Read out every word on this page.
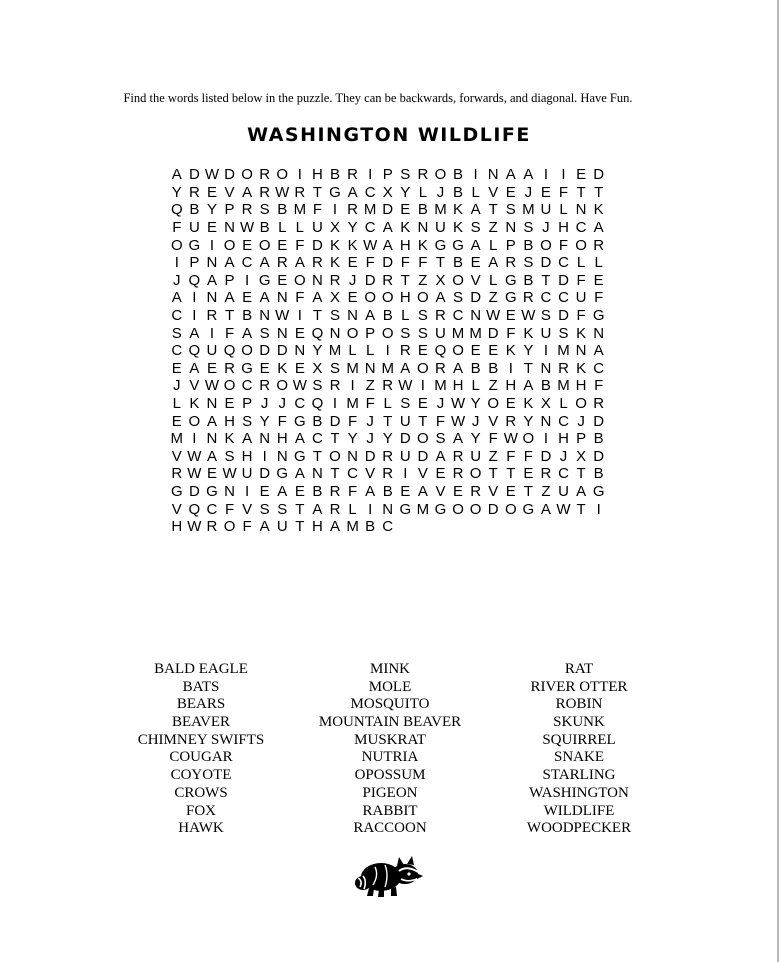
Find the words listed below in the puzzle. They can be backwards, forwards, and diagonal. Have Fun.
WASHINGTON WILDLIFE
A D W D O R O I H B R I P S R O B I N A A I I E D
Y R E V A R W R T G A C X Y L J B L V E J E F T T
Q B Y P R S B M F I R M D E B M K A T S M U L N K
F U E N W B L L U X Y C A K N U K S Z N S J H C A
O G I O E O E F D K K W A H K G G A L P B O F O R
I P N A C A R A R K E F D F F T B E A R S D C L L
J Q A P I G E O N R J D R T Z X O V L G B T D F E
A I N A E A N F A X E O O H O A S D Z G R C C U F
C I R T B N W I T S N A B L S R C N W E W S D F G
S A I F A S N E Q N O P O S S U M M D F K U S K N
C Q U Q O D D N Y M L L I R E Q O E E K Y I M N A
E A E R G E K E X S M N M A O R A B B I T N R K C
J V W O C R O W S R I Z R W I M H L Z H A B M H F
L K N E P J J C Q I M F L S E J W Y O E K X L O R
E O A H S Y F G B D F J T U T F W J V R Y N C J D
M I N K A N H A C T Y J Y D O S A Y F W O I H P B
V W A S H I N G T O N D R U D A R U Z F F D J X D
R W E W U D G A N T C V R I V E R O T T E R C T B
G D G N I E A E B R F A B E A V E R V E T Z U A G
V Q C F V S S T A R L I N G M G O O D O G A W T I
H W R O F A U T H A M B C
BALD EAGLE
BATS
BEARS
BEAVER
CHIMNEY SWIFTS
COUGAR
COYOTE
CROWS
FOX
HAWK
MINK
MOLE
MOSQUITO
MOUNTAIN BEAVER
MUSKRAT
NUTRIA
OPOSSUM
PIGEON
RABBIT
RACCOON
RAT
RIVER OTTER
ROBIN
SKUNK
SQUIRREL
SNAKE
STARLING
WASHINGTON
WILDLIFE
WOODPECKER
